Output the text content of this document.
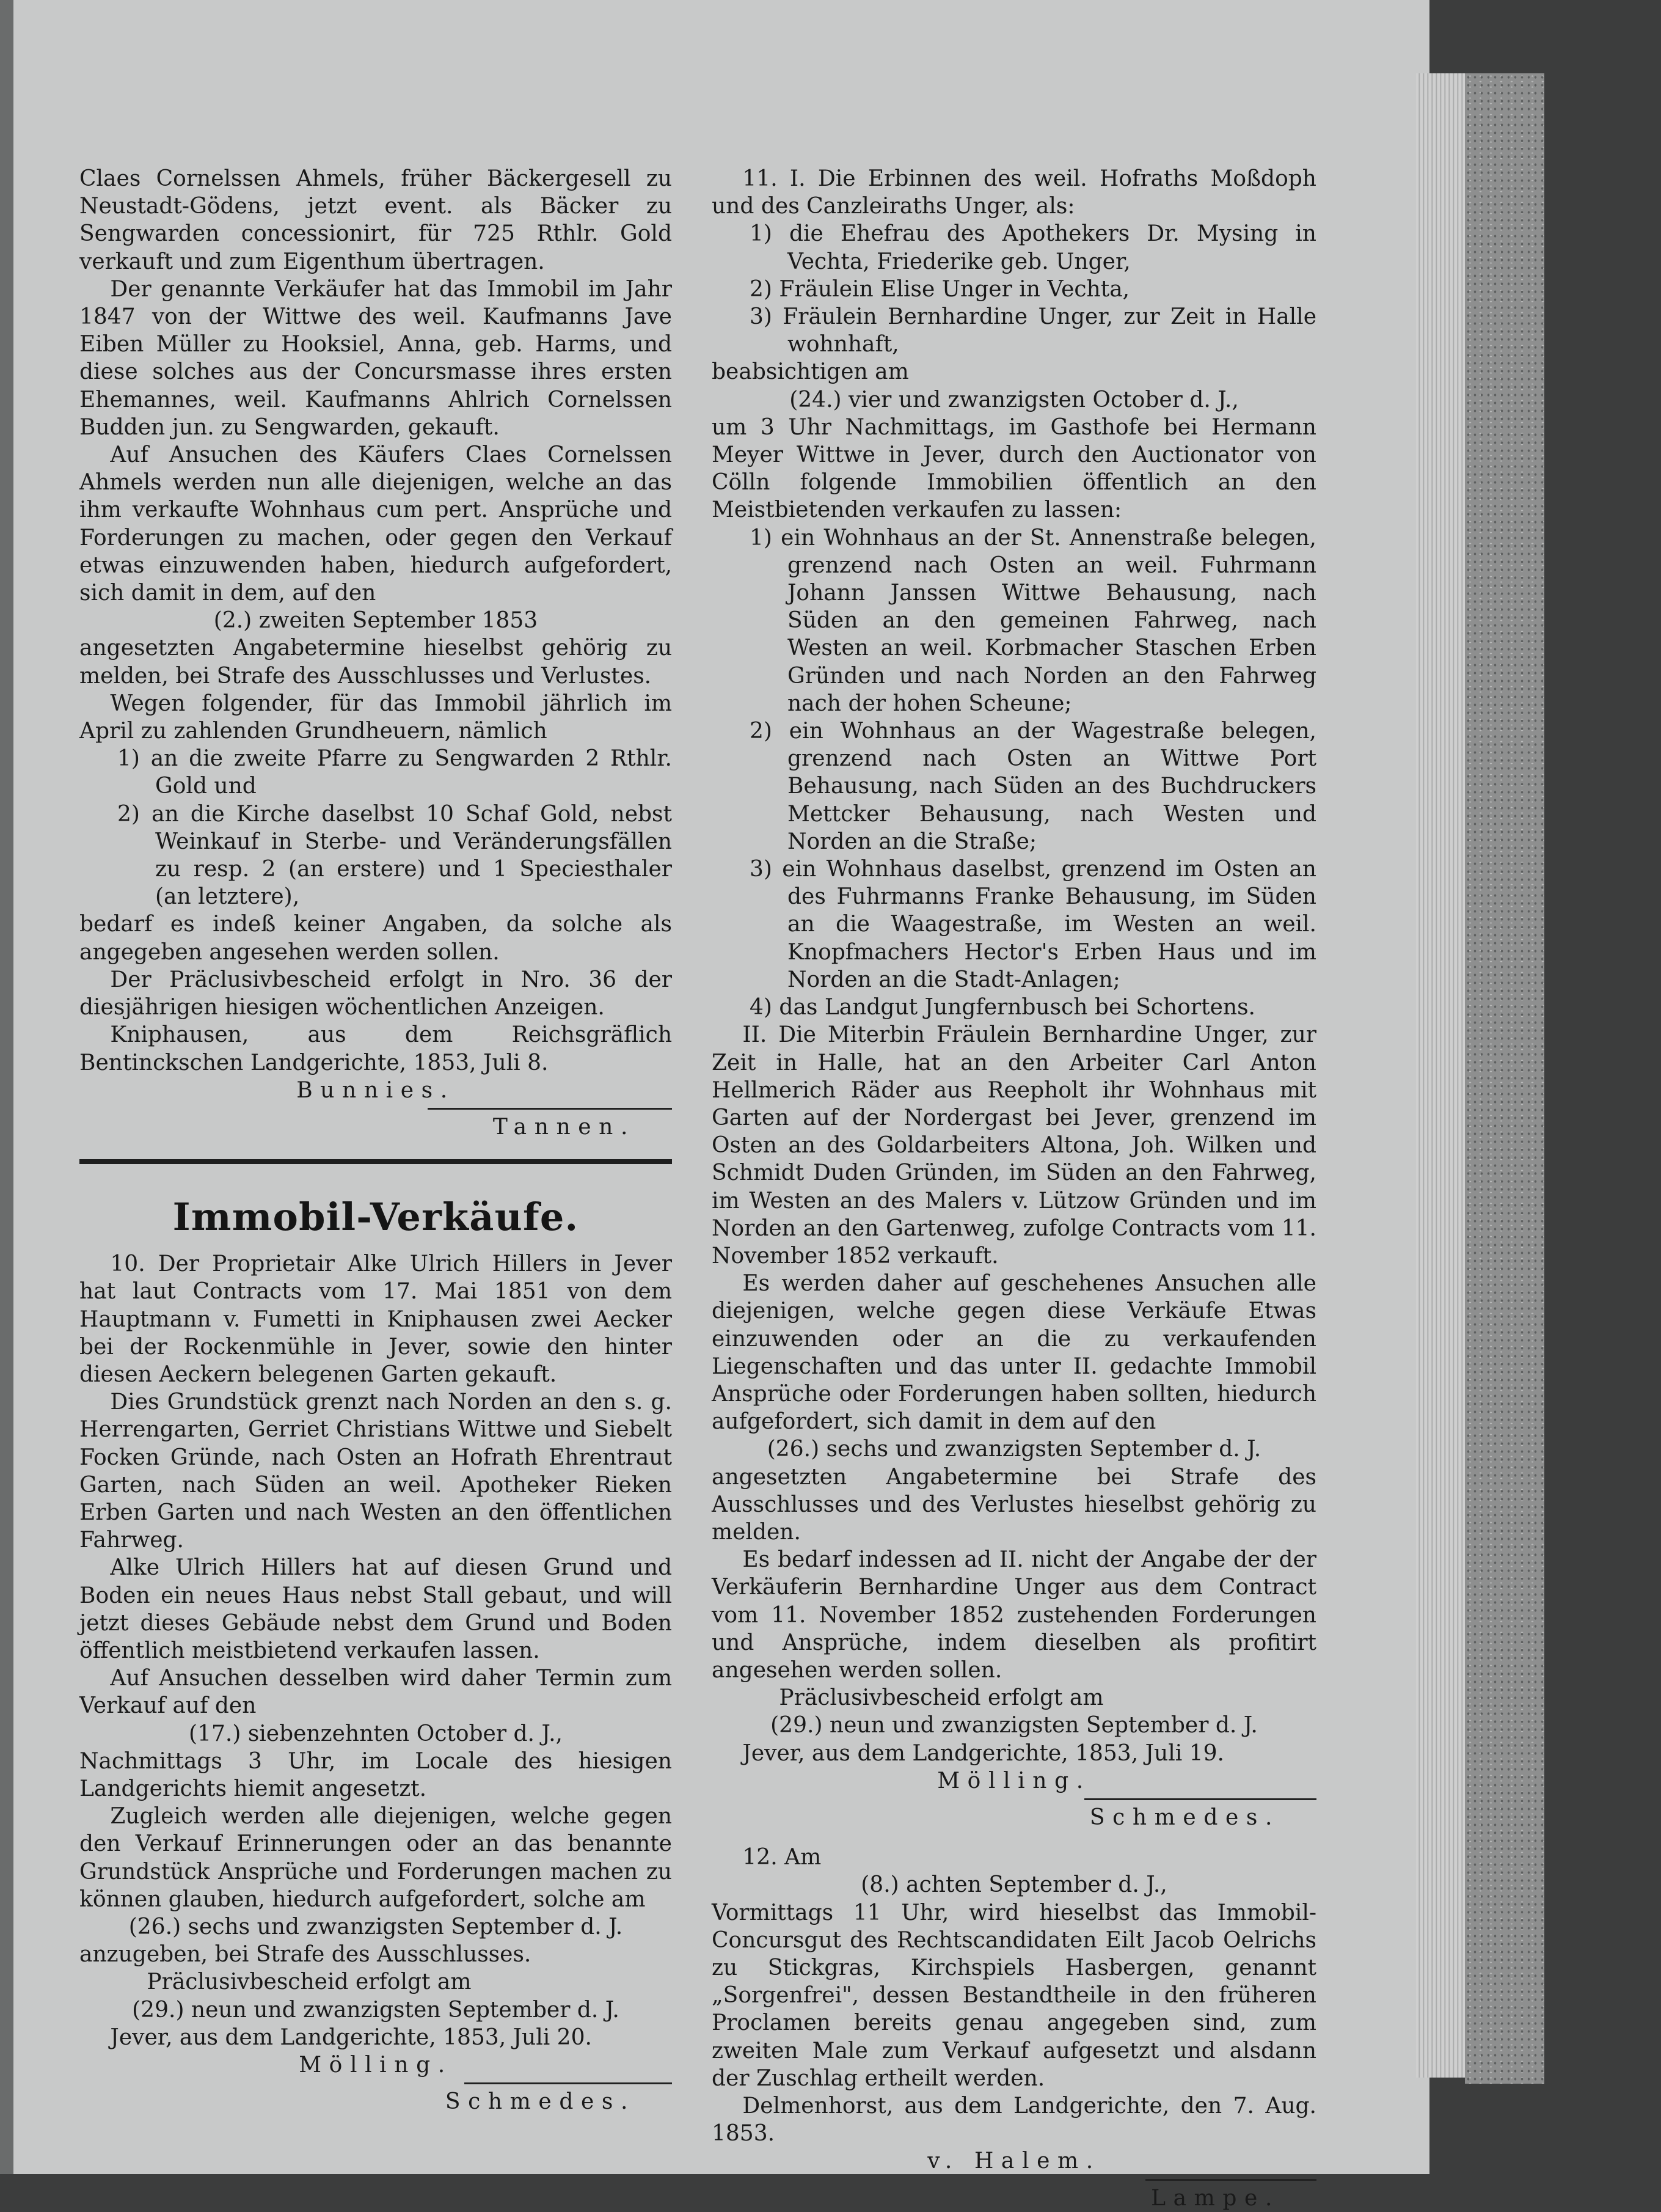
Claes Cornelssen Ahmels, früher Bäckergesell zu Neustadt-Gödens, jetzt event. als Bäcker zu Sengwarden concessionirt, für 725 Rthlr. Gold verkauft und zum Eigenthum übertragen.

Der genannte Verkäufer hat das Immobil im Jahr 1847 von der Wittwe des weil. Kaufmanns Jave Eiben Müller zu Hooksiel, Anna, geb. Harms, und diese solches aus der Concursmasse ihres ersten Ehemannes, weil. Kaufmanns Ahlrich Cornelssen Budden jun. zu Sengwarden, gekauft.

Auf Ansuchen des Käufers Claes Cornelssen Ahmels werden nun alle diejenigen, welche an das ihm verkaufte Wohnhaus cum pert. Ansprüche und Forderungen zu machen, oder gegen den Verkauf etwas einzuwenden haben, hiedurch aufgefordert, sich damit in dem, auf den

(2.) zweiten September 1853

angesetzten Angabetermine hieselbst gehörig zu melden, bei Strafe des Ausschlusses und Verlustes.

Wegen folgender, für das Immobil jährlich im April zu zahlenden Grundheuern, nämlich

1) an die zweite Pfarre zu Sengwarden 2 Rthlr. Gold und

2) an die Kirche daselbst 10 Schaf Gold, nebst Weinkauf in Sterbe- und Veränderungsfällen zu resp. 2 (an erstere) und 1 Speciesthaler (an letztere),

bedarf es indeß keiner Angaben, da solche als angegeben angesehen werden sollen.

Der Präclusivbescheid erfolgt in Nro. 36 der diesjährigen hiesigen wöchentlichen Anzeigen.

Kniphausen, aus dem Reichsgräflich Bentinckschen Landgerichte, 1853, Juli 8.

Bunnies.

Tannen.

Immobil-Verkäufe.

10. Der Proprietair Alke Ulrich Hillers in Jever hat laut Contracts vom 17. Mai 1851 von dem Hauptmann v. Fumetti in Kniphausen zwei Aecker bei der Rockenmühle in Jever, sowie den hinter diesen Aeckern belegenen Garten gekauft.

Dies Grundstück grenzt nach Norden an den s. g. Herrengarten, Gerriet Christians Wittwe und Siebelt Focken Gründe, nach Osten an Hofrath Ehrentraut Garten, nach Süden an weil. Apotheker Rieken Erben Garten und nach Westen an den öffentlichen Fahrweg.

Alke Ulrich Hillers hat auf diesen Grund und Boden ein neues Haus nebst Stall gebaut, und will jetzt dieses Gebäude nebst dem Grund und Boden öffentlich meistbietend verkaufen lassen.

Auf Ansuchen desselben wird daher Termin zum Verkauf auf den

(17.) siebenzehnten October d. J.,

Nachmittags 3 Uhr, im Locale des hiesigen Landgerichts hiemit angesetzt.

Zugleich werden alle diejenigen, welche gegen den Verkauf Erinnerungen oder an das benannte Grundstück Ansprüche und Forderungen machen zu können glauben, hiedurch aufgefordert, solche am

(26.) sechs und zwanzigsten September d. J.

anzugeben, bei Strafe des Ausschlusses.

Präclusivbescheid erfolgt am

(29.) neun und zwanzigsten September d. J.

Jever, aus dem Landgerichte, 1853, Juli 20.

Mölling.

Schmedes.

11. I. Die Erbinnen des weil. Hofraths Moßdoph und des Canzleiraths Unger, als:

1) die Ehefrau des Apothekers Dr. Mysing in Vechta, Friederike geb. Unger,

2) Fräulein Elise Unger in Vechta,

3) Fräulein Bernhardine Unger, zur Zeit in Halle wohnhaft,

beabsichtigen am

(24.) vier und zwanzigsten October d. J.,

um 3 Uhr Nachmittags, im Gasthofe bei Hermann Meyer Wittwe in Jever, durch den Auctionator von Cölln folgende Immobilien öffentlich an den Meistbietenden verkaufen zu lassen:

1) ein Wohnhaus an der St. Annenstraße belegen, grenzend nach Osten an weil. Fuhrmann Johann Janssen Wittwe Behausung, nach Süden an den gemeinen Fahrweg, nach Westen an weil. Korbmacher Staschen Erben Gründen und nach Norden an den Fahrweg nach der hohen Scheune;

2) ein Wohnhaus an der Wagestraße belegen, grenzend nach Osten an Wittwe Port Behausung, nach Süden an des Buchdruckers Mettcker Behausung, nach Westen und Norden an die Straße;

3) ein Wohnhaus daselbst, grenzend im Osten an des Fuhrmanns Franke Behausung, im Süden an die Waagestraße, im Westen an weil. Knopfmachers Hector's Erben Haus und im Norden an die Stadt-Anlagen;

4) das Landgut Jungfernbusch bei Schortens.

II. Die Miterbin Fräulein Bernhardine Unger, zur Zeit in Halle, hat an den Arbeiter Carl Anton Hellmerich Räder aus Reepholt ihr Wohnhaus mit Garten auf der Nordergast bei Jever, grenzend im Osten an des Goldarbeiters Altona, Joh. Wilken und Schmidt Duden Gründen, im Süden an den Fahrweg, im Westen an des Malers v. Lützow Gründen und im Norden an den Gartenweg, zufolge Contracts vom 11. November 1852 verkauft.

Es werden daher auf geschehenes Ansuchen alle diejenigen, welche gegen diese Verkäufe Etwas einzuwenden oder an die zu verkaufenden Liegenschaften und das unter II. gedachte Immobil Ansprüche oder Forderungen haben sollten, hiedurch aufgefordert, sich damit in dem auf den

(26.) sechs und zwanzigsten September d. J.

angesetzten Angabetermine bei Strafe des Ausschlusses und des Verlustes hieselbst gehörig zu melden.

Es bedarf indessen ad II. nicht der Angabe der der Verkäuferin Bernhardine Unger aus dem Contract vom 11. November 1852 zustehenden Forderungen und Ansprüche, indem dieselben als profitirt angesehen werden sollen.

Präclusivbescheid erfolgt am

(29.) neun und zwanzigsten September d. J.

Jever, aus dem Landgerichte, 1853, Juli 19.

Mölling.

Schmedes.

12. Am

(8.) achten September d. J.,

Vormittags 11 Uhr, wird hieselbst das Immobil-Concursgut des Rechtscandidaten Eilt Jacob Oelrichs zu Stickgras, Kirchspiels Hasbergen, genannt „Sorgenfrei", dessen Bestandtheile in den früheren Proclamen bereits genau angegeben sind, zum zweiten Male zum Verkauf aufgesetzt und alsdann der Zuschlag ertheilt werden.

Delmenhorst, aus dem Landgerichte, den 7. Aug. 1853.

v. Halem.

Lampe.
